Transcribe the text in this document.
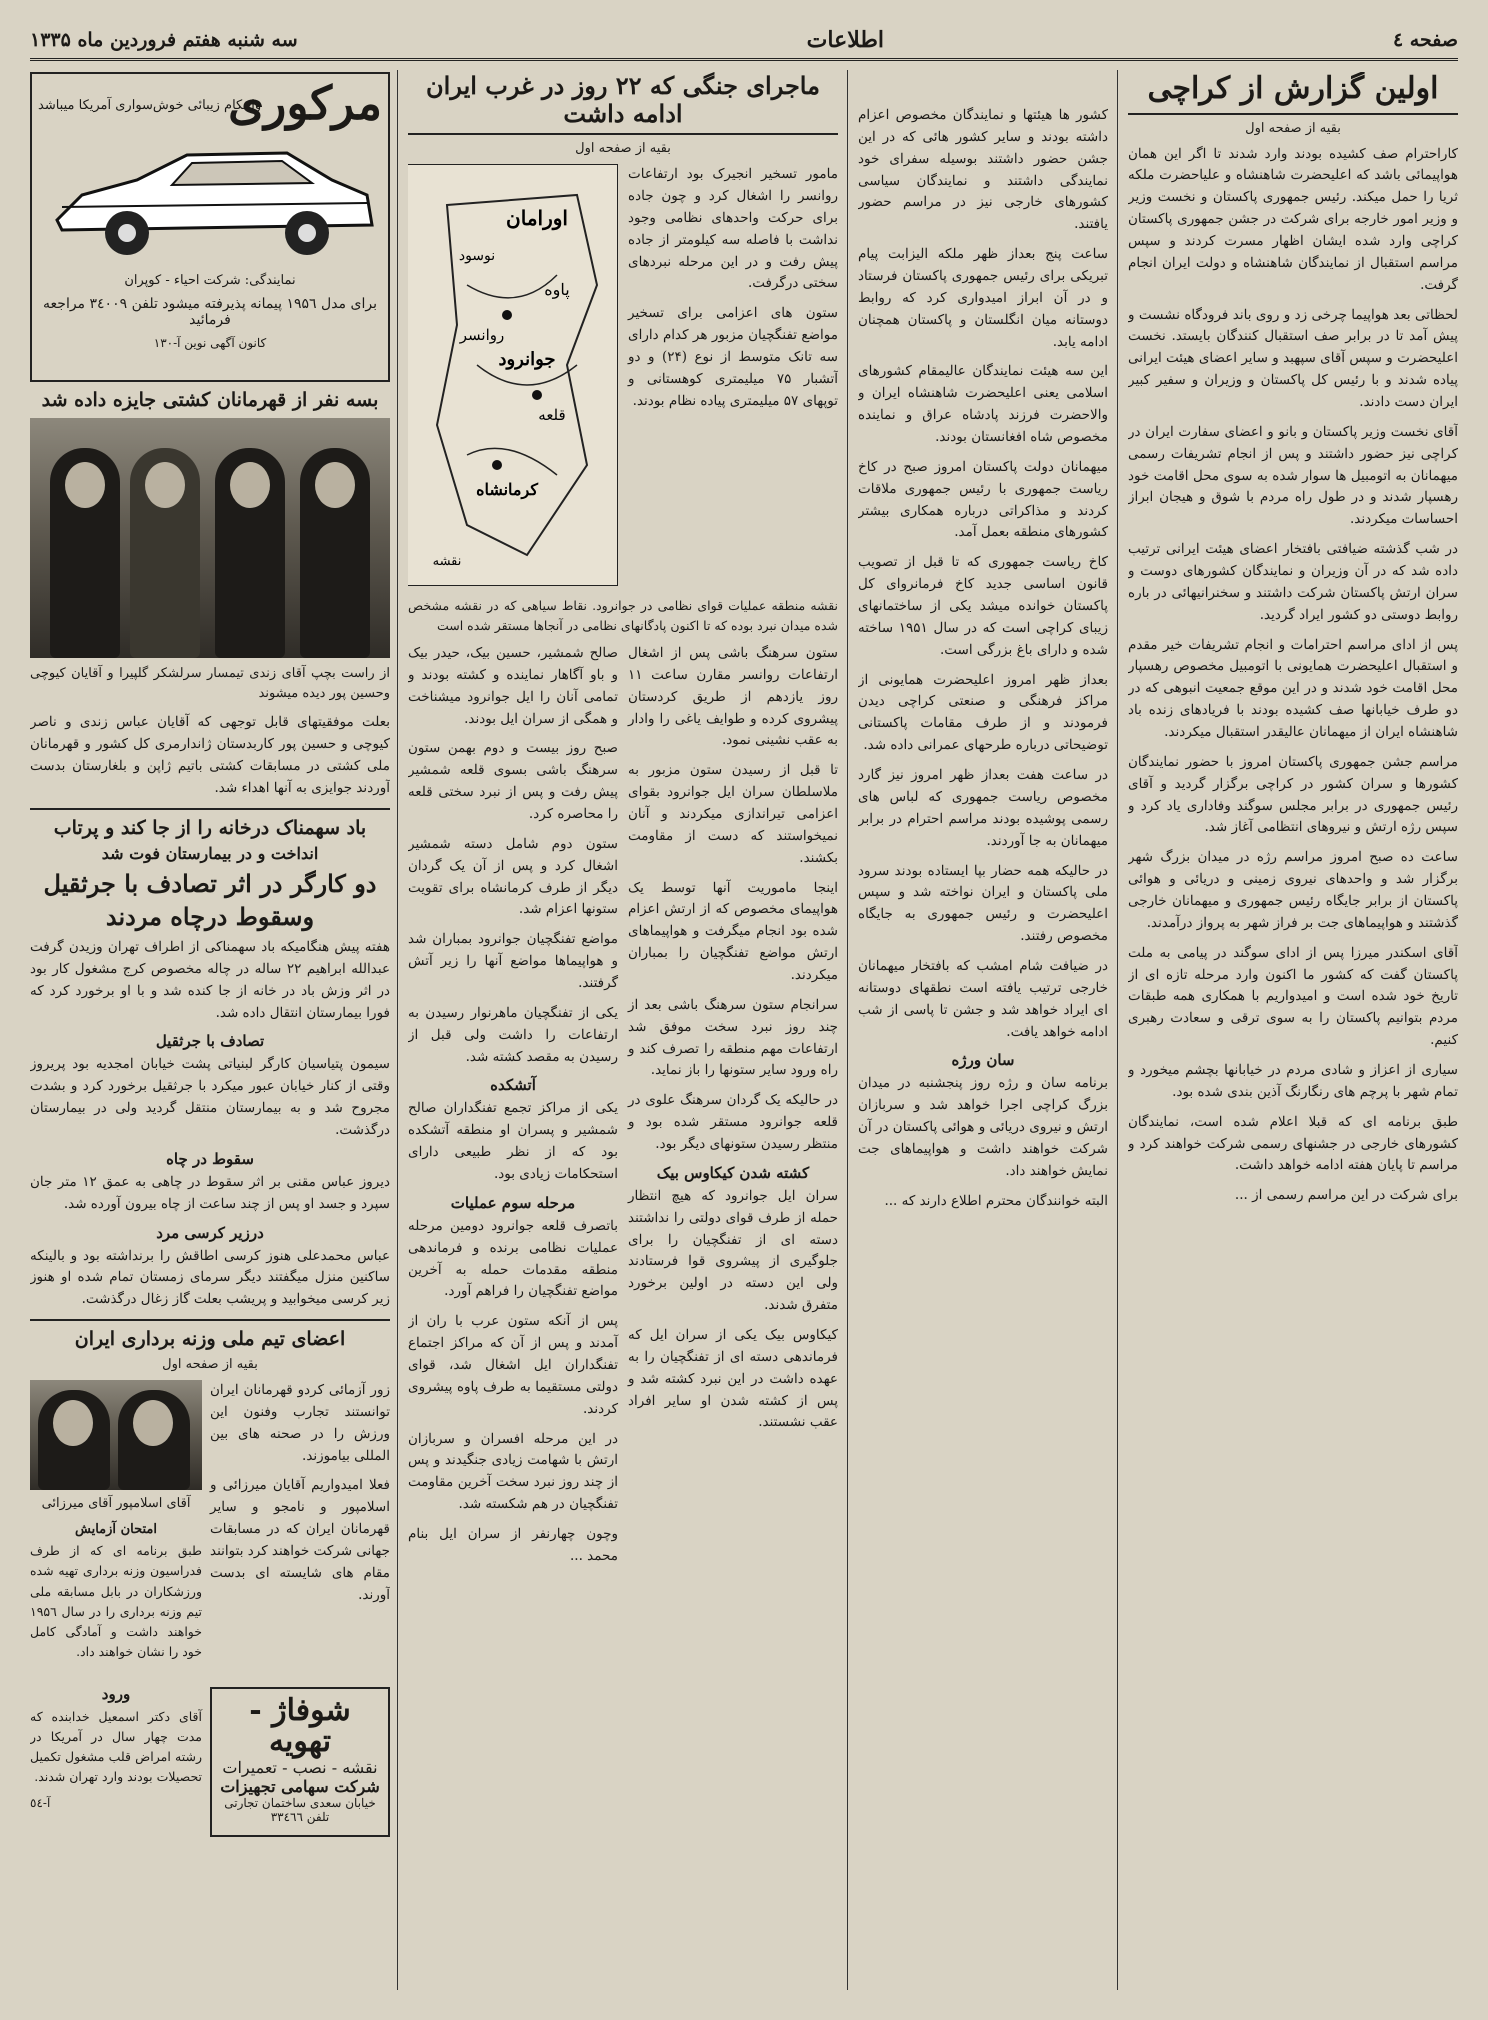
صفحه ٤
اطلاعات
سه شنبه هفتم فروردین ماه ۱۳۳۵
اولین گزارش از کراچی
بقیه از صفحه اول

کاراحترام صف کشیده بودند وارد شدند تا اگر این همان هواپیمائی باشد که اعلیحضرت شاهنشاه و علیاحضرت ملکه ثریا را حمل میکند. رئیس جمهوری پاکستان و نخست وزیر و وزیر امور خارجه برای شرکت در جشن جمهوری پاکستان کراچی وارد شده ایشان اظهار مسرت کردند و سپس مراسم استقبال از نمایندگان شاهنشاه و دولت ایران انجام گرفت.

لحظاتی بعد هواپیما چرخی زد و روی باند فرودگاه نشست و پیش آمد تا در برابر صف استقبال کنندگان بایستد. نخست اعلیحضرت و سپس آقای سپهبد و سایر اعضای هیئت ایرانی پیاده شدند و با رئیس کل پاکستان و وزیران و سفیر کبیر ایران دست دادند.

آقای نخست وزیر پاکستان و بانو و اعضای سفارت ایران در کراچی نیز حضور داشتند و پس از انجام تشریفات رسمی میهمانان به اتومبیل ها سوار شده به سوی محل اقامت خود رهسپار شدند و در طول راه مردم با شوق و هیجان ابراز احساسات میکردند.

در شب گذشته ضیافتی بافتخار اعضای هیئت ایرانی ترتیب داده شد که در آن وزیران و نمایندگان کشورهای دوست و سران ارتش پاکستان شرکت داشتند و سخنرانیهائی در باره روابط دوستی دو کشور ایراد گردید.

پس از ادای مراسم احترامات و انجام تشریفات خیر مقدم و استقبال اعلیحضرت همایونی با اتومبیل مخصوص رهسپار محل اقامت خود شدند و در این موقع جمعیت انبوهی که در دو طرف خیابانها صف کشیده بودند با فریادهای زنده باد شاهنشاه ایران از میهمانان عالیقدر استقبال میکردند.

مراسم جشن جمهوری پاکستان امروز با حضور نمایندگان کشورها و سران کشور در کراچی برگزار گردید و آقای رئیس جمهوری در برابر مجلس سوگند وفاداری یاد کرد و سپس رژه ارتش و نیروهای انتظامی آغاز شد.

ساعت ده صبح امروز مراسم رژه در میدان بزرگ شهر برگزار شد و واحدهای نیروی زمینی و دریائی و هوائی پاکستان از برابر جایگاه رئیس جمهوری و میهمانان خارجی گذشتند و هواپیماهای جت بر فراز شهر به پرواز درآمدند.

آقای اسکندر میرزا پس از ادای سوگند در پیامی به ملت پاکستان گفت که کشور ما اکنون وارد مرحله تازه ای از تاریخ خود شده است و امیدواریم با همکاری همه طبقات مردم بتوانیم پاکستان را به سوی ترقی و سعادت رهبری کنیم.

سیاری از اعزاز و شادی مردم در خیابانها بچشم میخورد و تمام شهر با پرچم های رنگارنگ آذین بندی شده بود.

طبق برنامه ای که قبلا اعلام شده است، نمایندگان کشورهای خارجی در جشنهای رسمی شرکت خواهند کرد و مراسم تا پایان هفته ادامه خواهد داشت.

برای شرکت در این مراسم رسمی از ...

کشور ها هیئتها و نمایندگان مخصوص اعزام داشته بودند و سایر کشور هائی که در این جشن حضور داشتند بوسیله سفرای خود نمایندگی داشتند و نمایندگان سیاسی کشورهای خارجی نیز در مراسم حضور یافتند.

ساعت پنج بعداز ظهر ملکه الیزابت پیام تبریکی برای رئیس جمهوری پاکستان فرستاد و در آن ابراز امیدواری کرد که روابط دوستانه میان انگلستان و پاکستان همچنان ادامه یابد.

این سه هیئت نمایندگان عالیمقام کشورهای اسلامی یعنی اعلیحضرت شاهنشاه ایران و والاحضرت فرزند پادشاه عراق و نماینده مخصوص شاه افغانستان بودند.

میهمانان دولت پاکستان امروز صبح در کاخ ریاست جمهوری با رئیس جمهوری ملاقات کردند و مذاکراتی درباره همکاری بیشتر کشورهای منطقه بعمل آمد.

کاخ ریاست جمهوری که تا قبل از تصویب قانون اساسی جدید کاخ فرمانروای کل پاکستان خوانده میشد یکی از ساختمانهای زیبای کراچی است که در سال ۱۹۵۱ ساخته شده و دارای باغ بزرگی است.

بعداز ظهر امروز اعلیحضرت همایونی از مراکز فرهنگی و صنعتی کراچی دیدن فرمودند و از طرف مقامات پاکستانی توضیحاتی درباره طرحهای عمرانی داده شد.

در ساعت هفت بعداز ظهر امروز نیز گارد مخصوص ریاست جمهوری که لباس های رسمی پوشیده بودند مراسم احترام در برابر میهمانان به جا آوردند.

در حالیکه همه حضار بپا ایستاده بودند سرود ملی پاکستان و ایران نواخته شد و سپس اعلیحضرت و رئیس جمهوری به جایگاه مخصوص رفتند.

در ضیافت شام امشب که بافتخار میهمانان خارجی ترتیب یافته است نطقهای دوستانه ای ایراد خواهد شد و جشن تا پاسی از شب ادامه خواهد یافت.

سان ورژه

برنامه سان و رژه روز پنجشنبه در میدان بزرگ کراچی اجرا خواهد شد و سربازان ارتش و نیروی دریائی و هوائی پاکستان در آن شرکت خواهند داشت و هواپیماهای جت نمایش خواهند داد.

البته خوانندگان محترم اطلاع دارند که ...

ماجرای جنگی که ۲۲ روز در غرب ایران ادامه داشت
بقیه از صفحه اول

مامور تسخیر انجیرک بود ارتفاعات روانسر را اشغال کرد و چون جاده برای حرکت واحدهای نظامی وجود نداشت با فاصله سه کیلومتر از جاده پیش رفت و در این مرحله نبردهای سختی درگرفت.

ستون های اعزامی برای تسخیر مواضع تفنگچیان مزبور هر کدام دارای سه تانک متوسط از نوع (۲۴) و دو آتشبار ۷۵ میلیمتری کوهستانی و توپهای ۵۷ میلیمتری پیاده نظام بودند.

اورامان
نوسود
پاوه
روانسر
جوانرود
قلعه
کرمانشاه
نقشه

نقشه منطقه عملیات قوای نظامی در جوانرود. نقاط سیاهی که در نقشه مشخص شده میدان نبرد بوده که تا اکنون پادگانهای نظامی در آنجاها مستقر شده است

ستون سرهنگ باشی پس از اشغال ارتفاعات روانسر مقارن ساعت ۱۱ روز یازدهم از طریق کردستان پیشروی کرده و طوایف یاغی را وادار به عقب نشینی نمود.

تا قبل از رسیدن ستون مزبور به ملاسلطان سران ایل جوانرود بقوای اعزامی تیراندازی میکردند و آنان نمیخواستند که دست از مقاومت بکشند.

اینجا ماموریت آنها توسط یک هواپیمای مخصوص که از ارتش اعزام شده بود انجام میگرفت و هواپیماهای ارتش مواضع تفنگچیان را بمباران میکردند.

سرانجام ستون سرهنگ باشی بعد از چند روز نبرد سخت موفق شد ارتفاعات مهم منطقه را تصرف کند و راه ورود سایر ستونها را باز نماید.

در حالیکه یک گردان سرهنگ علوی در قلعه جوانرود مستقر شده بود و منتظر رسیدن ستونهای دیگر بود.

کشته شدن کیکاوس بیک

سران ایل جوانرود که هیچ انتظار حمله از طرف قوای دولتی را نداشتند دسته ای از تفنگچیان را برای جلوگیری از پیشروی قوا فرستادند ولی این دسته در اولین برخورد متفرق شدند.

کیکاوس بیک یکی از سران ایل که فرماندهی دسته ای از تفنگچیان را به عهده داشت در این نبرد کشته شد و پس از کشته شدن او سایر افراد عقب نشستند.

صالح شمشیر، حسین بیک، حیدر بیک و باو آگاهار نماینده و کشته بودند و تمامی آنان را ایل جوانرود میشناخت و همگی از سران ایل بودند.

صبح روز بیست و دوم بهمن ستون سرهنگ باشی بسوی قلعه شمشیر پیش رفت و پس از نبرد سختی قلعه را محاصره کرد.

ستون دوم شامل دسته شمشیر اشغال کرد و پس از آن یک گردان دیگر از طرف کرمانشاه برای تقویت ستونها اعزام شد.

مواضع تفنگچیان جوانرود بمباران شد و هواپیماها مواضع آنها را زیر آتش گرفتند.

یکی از تفنگچیان ماهرنوار رسیدن به ارتفاعات را داشت ولی قبل از رسیدن به مقصد کشته شد.

آتشکده

یکی از مراکز تجمع تفنگداران صالح شمشیر و پسران او منطقه آتشکده بود که از نظر طبیعی دارای استحکامات زیادی بود.

مرحله سوم عملیات

باتصرف قلعه جوانرود دومین مرحله عملیات نظامی برنده و فرماندهی منطقه مقدمات حمله به آخرین مواضع تفنگچیان را فراهم آورد.

پس از آنکه ستون عرب با ران از آمدند و پس از آن که مراکز اجتماع تفنگداران ایل اشغال شد، قوای دولتی مستقیما به طرف پاوه پیشروی کردند.

در این مرحله افسران و سربازان ارتش با شهامت زیادی جنگیدند و پس از چند روز نبرد سخت آخرین مقاومت تفنگچیان در هم شکسته شد.

وچون چهارنفر از سران ایل بنام محمد ...

مرکوری
واحکام زیبائی خوش‌سواری آمریکا میباشد
نمایندگی: شرکت احیاء - کوپران
برای مدل ۱۹۵٦ پیمانه پذیرفته میشود تلفن ۳٤۰۰۹ مراجعه فرمائید
کانون آگهی نوین آ-۱۳۰
بسه نفر از قهرمانان کشتی جایزه داده شد

از راست بچپ آقای زندی تیمسار سرلشکر گلپیرا و آقایان کیوچی وحسین پور دیده میشوند

بعلت موفقیتهای قابل توجهی که آقایان عباس زندی و ناصر کیوچی و حسین پور کاربدستان ژاندارمری کل کشور و قهرمانان ملی کشتی در مسابقات کشتی باتیم ژاپن و بلغارستان بدست آوردند جوایزی به آنها اهداء شد.

باد سهمناک درخانه را از جا کند و پرتاب
انداخت و در بیمارستان فوت شد
دو کارگر در اثر تصادف با جرثقیل
وسقوط درچاه مردند

هفته پیش هنگامیکه باد سهمناکی از اطراف تهران وزیدن گرفت عبدالله ابراهیم ۲۲ ساله در چاله مخصوص کرج مشغول کار بود در اثر وزش باد در خانه از جا کنده شد و با او برخورد کرد که فورا بیمارستان انتقال داده شد.

تصادف با جرثقیل

سیمون پتیاسیان کارگر لبنیاتی پشت خیابان امجدیه بود پریروز وقتی از کنار خیابان عبور میکرد با جرثقیل برخورد کرد و بشدت مجروح شد و به بیمارستان منتقل گردید ولی در بیمارستان درگذشت.

سقوط در چاه

دیروز عباس مقنی بر اثر سقوط در چاهی به عمق ۱۲ متر جان سپرد و جسد او پس از چند ساعت از چاه بیرون آورده شد.

درزیر کرسی مرد

عباس محمدعلی هنوز کرسی اطاقش را برنداشته بود و بالینکه ساکنین منزل میگفتند دیگر سرمای زمستان تمام شده او هنوز زیر کرسی میخوابید و پریشب بعلت گاز زغال درگذشت.

اعضای تیم ملی وزنه برداری ایران
بقیه از صفحه اول

زور آزمائی کردو قهرمانان ایران توانستند تجارب وفنون این ورزش را در صحنه های بین المللی بیاموزند.

فعلا امیدواریم آقایان میرزائی و اسلامپور و نامجو و سایر قهرمانان ایران که در مسابقات جهانی شرکت خواهند کرد بتوانند مقام های شایسته ای بدست آورند.

آقای اسلامپور آقای میرزائی
امتحان آزمایش

طبق برنامه ای که از طرف فدراسیون وزنه برداری تهیه شده ورزشکاران در بابل مسابقه ملی تیم وزنه برداری را در سال ۱۹۵٦ خواهند داشت و آمادگی کامل خود را نشان خواهند داد.

شوفاژ - تهویه
نقشه - نصب - تعمیرات
شرکت سهامی تجهیزات
خیابان سعدی ساختمان تجارتی تلفن ۳۳٤٦٦
ورود

آقای دکتر اسمعیل خدابنده که مدت چهار سال در آمریکا در رشته امراض قلب مشغول تکمیل تحصیلات بودند وارد تهران شدند.

آ-٥٤
